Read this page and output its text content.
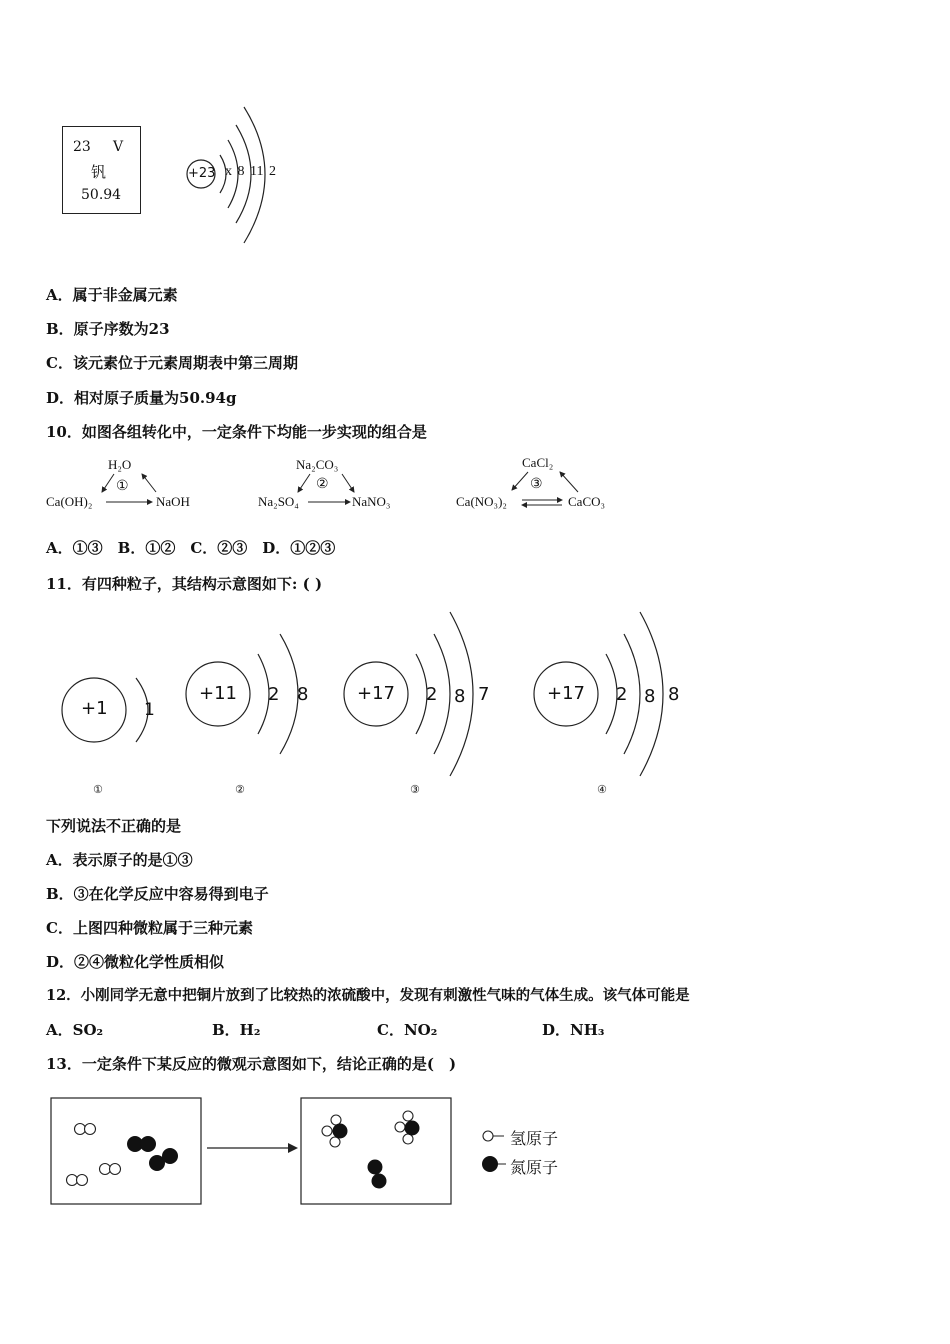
23 V
钒
50.94
+23 x 8 11 2
A．属于非金属元素
B．原子序数为23
C．该元素位于元素周期表中第三周期
D．相对原子质量为50.94g
10．如图各组转化中，一定条件下均能一步实现的组合是
H₂O
①
Ca(OH)₂	NaOH
Na₂CO₃
②
Na₂SO₄	NaNO₃
CaCl₂
③
Ca(NO₃)₂	CaCO₃
A．①③　B．①②　C．②③　D．①②③
11．有四种粒子，其结构示意图如下: ( )
+1 1
①
+11 2 8
②
+17 2 8 7
③
+17 2 8 8
④
下列说法不正确的是
A．表示原子的是①③
B．③在化学反应中容易得到电子
C．上图四种微粒属于三种元素
D．②④微粒化学性质相似
12．小刚同学无意中把铜片放到了比较热的浓硫酸中，发现有刺激性气味的气体生成。该气体可能是
A．SO₂	B．H₂	C．NO₂	D．NH₃
13．一定条件下某反应的微观示意图如下，结论正确的是(　)
氢原子
氮原子
